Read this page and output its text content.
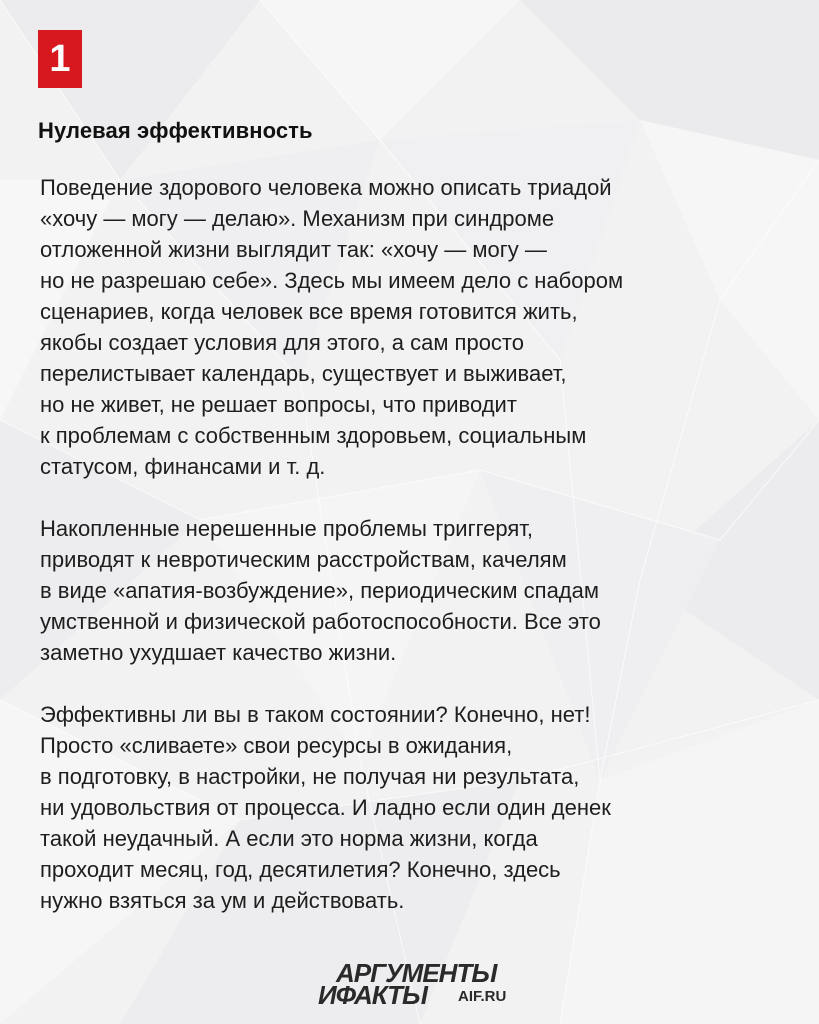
1
Нулевая эффективность

Поведение здорового человека можно описать триадой
«хочу — могу — делаю». Механизм при синдроме
отложенной жизни выглядит так: «хочу — могу —
но не разрешаю себе». Здесь мы имеем дело с набором
сценариев, когда человек все время готовится жить,
якобы создает условия для этого, а сам просто
перелистывает календарь, существует и выживает,
но не живет, не решает вопросы, что приводит
к проблемам с собственным здоровьем, социальным
статусом, финансами и т. д.

Накопленные нерешенные проблемы триггерят,
приводят к невротическим расстройствам, качелям
в виде «апатия-возбуждение», периодическим спадам
умственной и физической работоспособности. Все это
заметно ухудшает качество жизни.

Эффективны ли вы в таком состоянии? Конечно, нет!
Просто «сливаете» свои ресурсы в ожидания,
в подготовку, в настройки, не получая ни результата,
ни удовольствия от процесса. И ладно если один денек
такой неудачный. А если это норма жизни, когда
проходит месяц, год, десятилетия? Конечно, здесь
нужно взяться за ум и действовать.

АРГУМЕНТЫ
ИФАКТЫ AIF.RU
